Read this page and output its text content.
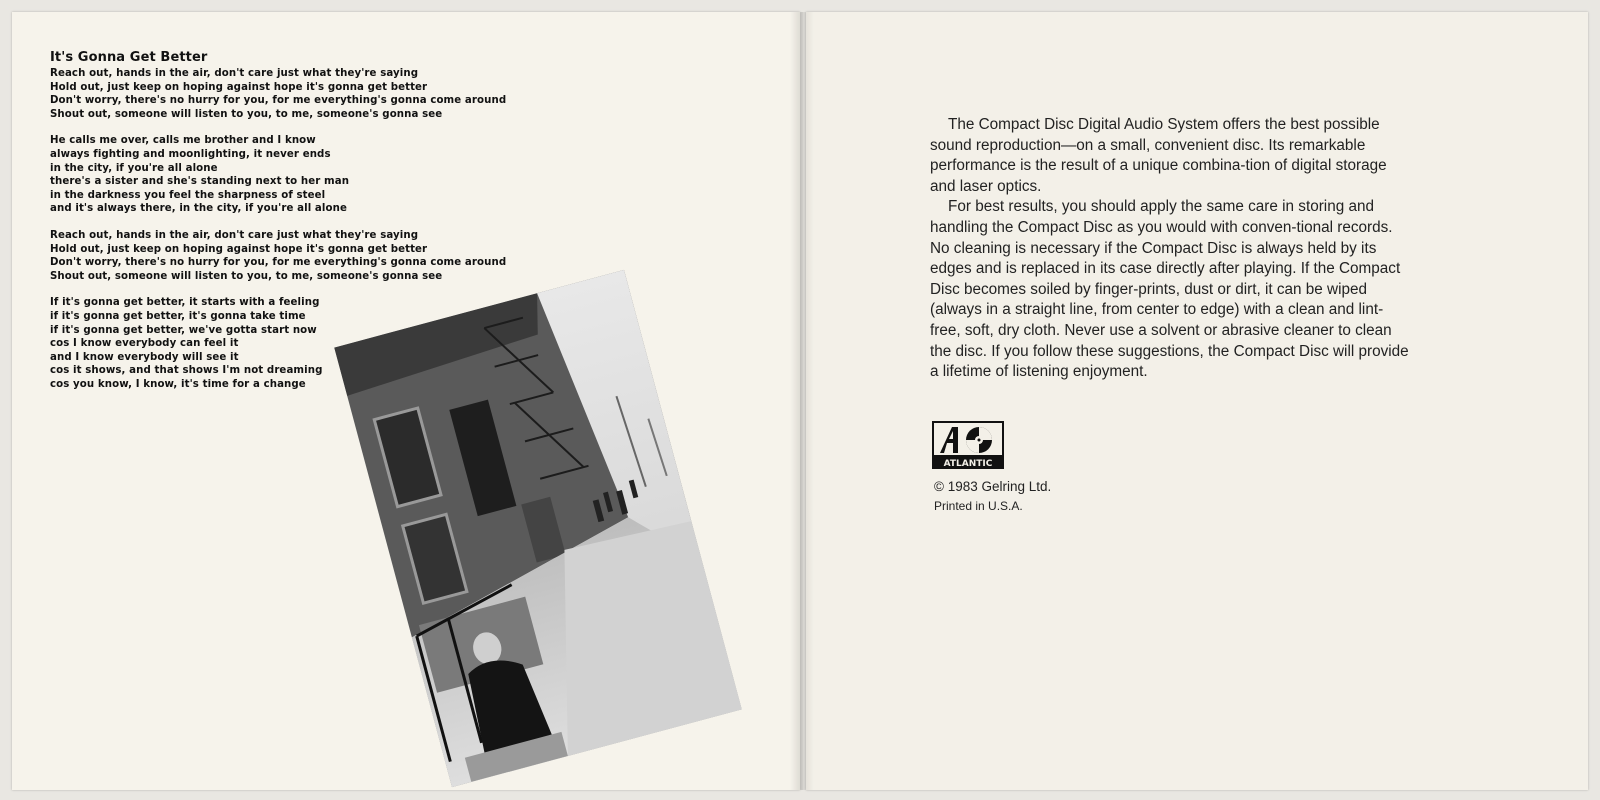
It's Gonna Get Better
Reach out, hands in the air, don't care just what they're saying
Hold out, just keep on hoping against hope it's gonna get better
Don't worry, there's no hurry for you, for me everything's gonna come around
Shout out, someone will listen to you, to me, someone's gonna see
He calls me over, calls me brother and I know
always fighting and moonlighting, it never ends
in the city, if you're all alone
there's a sister and she's standing next to her man
in the darkness you feel the sharpness of steel
and it's always there, in the city, if you're all alone
Reach out, hands in the air, don't care just what they're saying
Hold out, just keep on hoping against hope it's gonna get better
Don't worry, there's no hurry for you, for me everything's gonna come around
Shout out, someone will listen to you, to me, someone's gonna see
If it's gonna get better, it starts with a feeling
if it's gonna get better, it's gonna take time
if it's gonna get better, we've gotta start now
cos I know everybody can feel it
and I know everybody will see it
cos it shows, and that shows I'm not dreaming
cos you know, I know, it's time for a change

The Compact Disc Digital Audio System offers the best possible sound reproduction—on a small, convenient disc. Its remarkable performance is the result of a unique combina-tion of digital storage and laser optics.

For best results, you should apply the same care in storing and handling the Compact Disc as you would with conven-tional records. No cleaning is necessary if the Compact Disc is always held by its edges and is replaced in its case directly after playing. If the Compact Disc becomes soiled by finger-prints, dust or dirt, it can be wiped (always in a straight line, from center to edge) with a clean and lint-free, soft, dry cloth. Never use a solvent or abrasive cleaner to clean the disc. If you follow these suggestions, the Compact Disc will provide a lifetime of listening enjoyment.

ATLANTIC
© 1983 Gelring Ltd.
Printed in U.S.A.
